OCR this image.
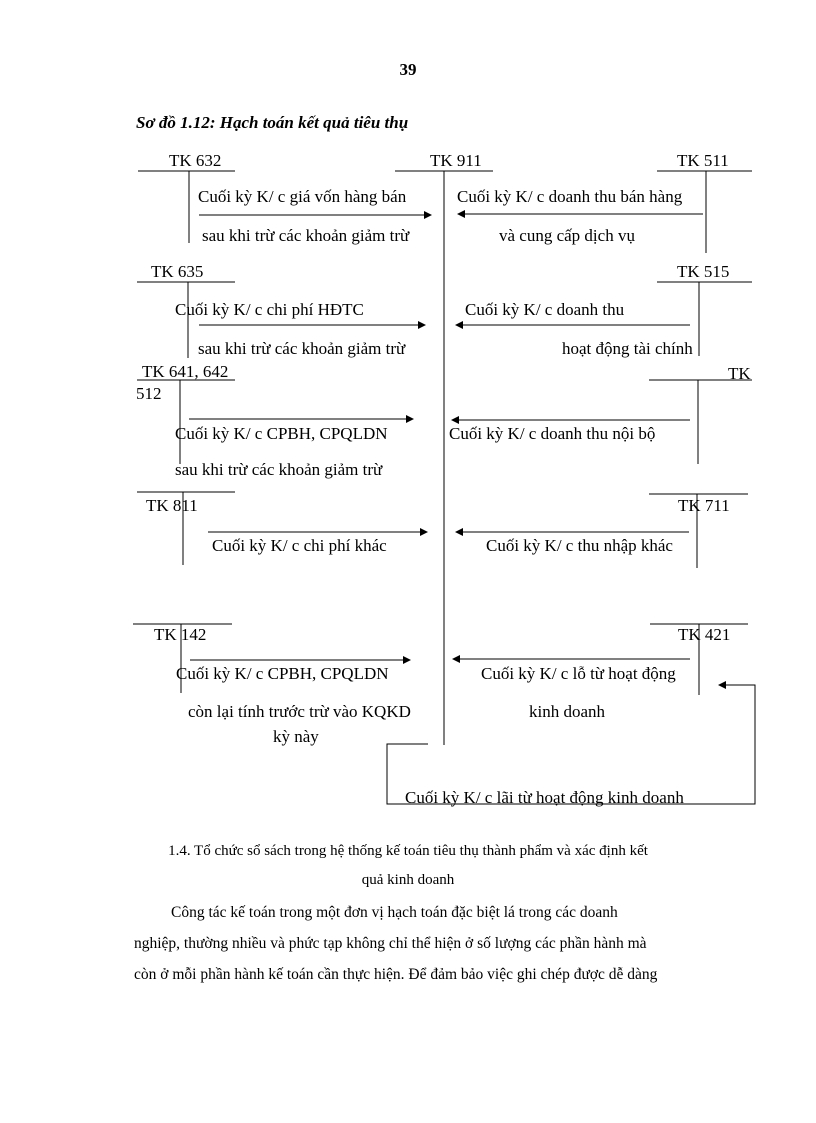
39
Sơ đồ 1.12: Hạch toán kết quả tiêu thụ
TK 632	TK 911	TK 511
TK 635	TK 515
TK 641, 642	TK
512
TK 811	TK 711
TK 142	TK 421
Cuối kỳ K/ c giá vốn hàng bán
sau khi trừ các khoản giảm trừ
Cuối kỳ K/ c doanh thu bán hàng
và cung cấp dịch vụ
Cuối kỳ K/ c chi phí HĐTC
sau khi trừ các khoản giảm trừ
Cuối kỳ K/ c doanh thu
hoạt động tài chính
Cuối kỳ K/ c CPBH, CPQLDN
sau khi trừ các khoản giảm trừ
Cuối kỳ K/ c doanh thu nội bộ
Cuối kỳ K/ c chi phí khác	Cuối kỳ K/ c thu nhập khác
Cuối kỳ K/ c CPBH, CPQLDN
còn lại tính trước trừ vào KQKD
kỳ này
Cuối kỳ K/ c lỗ từ hoạt động
kinh doanh
Cuối kỳ K/ c lãi từ hoạt động kinh doanh
1.4. Tổ chức sổ sách trong hệ thống kế toán tiêu thụ thành phẩm và xác định kết
quả kinh doanh
Công tác kế toán trong một đơn vị hạch toán đặc biệt lá trong các doanh
nghiệp, thường nhiều và phức tạp không chỉ thể hiện ở số lượng các phần hành mà
còn ở mỗi phần hành kế toán cần thực hiện. Để đảm bảo việc ghi chép được dễ dàng
